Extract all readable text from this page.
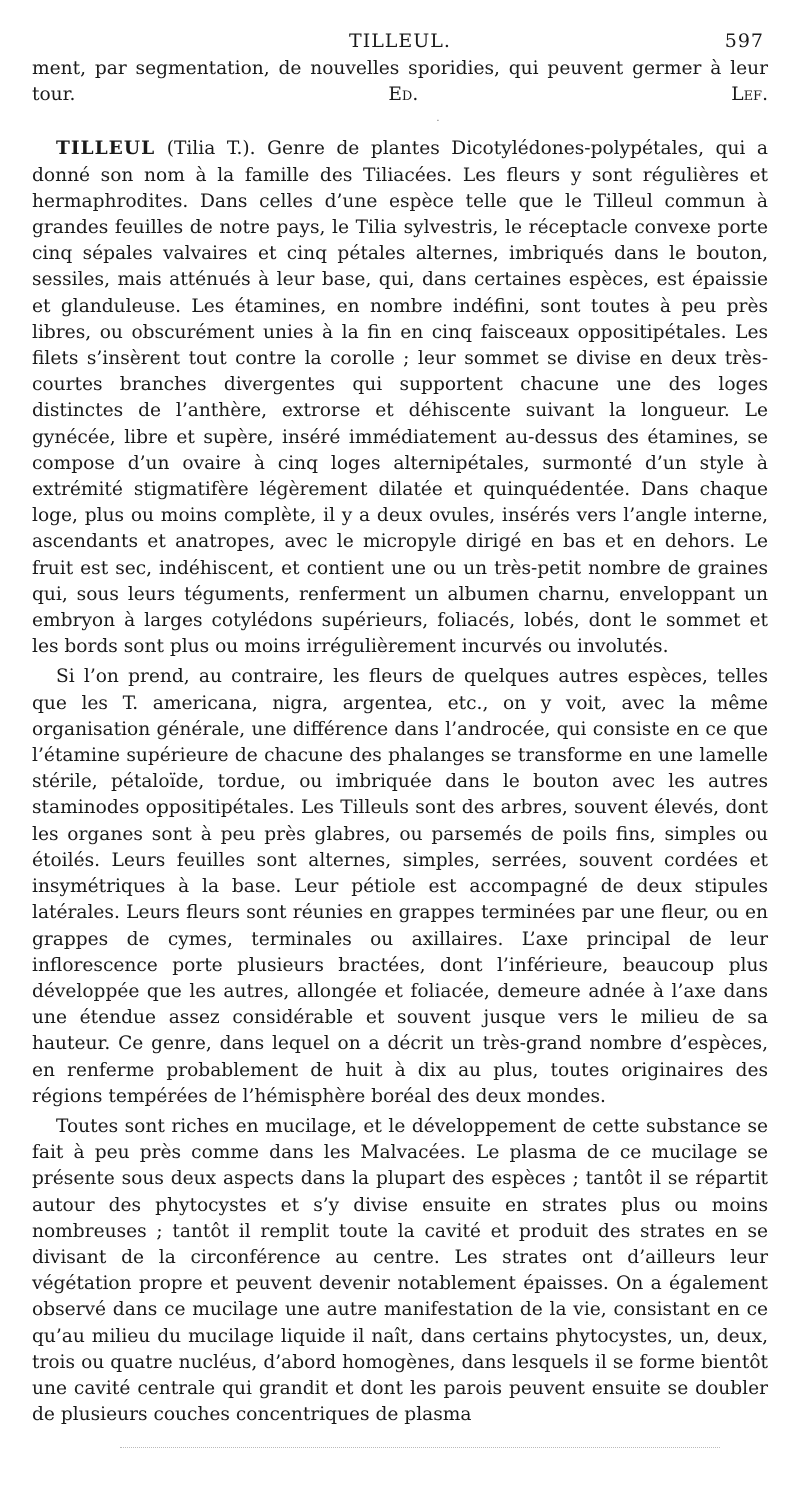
TILLEUL.	597

ment, par segmentation, de nouvelles sporidies, qui peuvent germer à leur tour.	Ed. Lef.

·

TILLEUL (Tilia T.). Genre de plantes Dicotylédones-polypétales, qui a donné son nom à la famille des Tiliacées. Les fleurs y sont régulières et hermaphrodites. Dans celles d’une espèce telle que le Tilleul commun à grandes feuilles de notre pays, le Tilia sylvestris, le réceptacle convexe porte cinq sépales valvaires et cinq pétales alternes, imbriqués dans le bouton, sessiles, mais atténués à leur base, qui, dans certaines espèces, est épaissie et glanduleuse. Les étamines, en nombre indéfini, sont toutes à peu près libres, ou obscurément unies à la fin en cinq faisceaux oppositipétales. Les filets s’insèrent tout contre la corolle ; leur sommet se divise en deux très-courtes branches divergentes qui supportent chacune une des loges distinctes de l’anthère, extrorse et déhiscente suivant la longueur. Le gynécée, libre et supère, inséré immédiatement au-dessus des étamines, se compose d’un ovaire à cinq loges alternipétales, surmonté d’un style à extrémité stigmatifère légèrement dilatée et quinquédentée. Dans chaque loge, plus ou moins complète, il y a deux ovules, insérés vers l’angle interne, ascendants et anatropes, avec le micropyle dirigé en bas et en dehors. Le fruit est sec, indéhiscent, et contient une ou un très-petit nombre de graines qui, sous leurs téguments, renferment un albumen charnu, enveloppant un embryon à larges cotylédons supérieurs, foliacés, lobés, dont le sommet et les bords sont plus ou moins irrégulièrement incurvés ou involutés.

Si l’on prend, au contraire, les fleurs de quelques autres espèces, telles que les T. americana, nigra, argentea, etc., on y voit, avec la même organisation générale, une différence dans l’androcée, qui consiste en ce que l’étamine supérieure de chacune des phalanges se transforme en une lamelle stérile, pétaloïde, tordue, ou imbriquée dans le bouton avec les autres staminodes oppositipétales. Les Tilleuls sont des arbres, souvent élevés, dont les organes sont à peu près glabres, ou parsemés de poils fins, simples ou étoilés. Leurs feuilles sont alternes, simples, serrées, souvent cordées et insymétriques à la base. Leur pétiole est accompagné de deux stipules latérales. Leurs fleurs sont réunies en grappes terminées par une fleur, ou en grappes de cymes, terminales ou axillaires. L’axe principal de leur inflorescence porte plusieurs bractées, dont l’inférieure, beaucoup plus développée que les autres, allongée et foliacée, demeure adnée à l’axe dans une étendue assez considérable et souvent jusque vers le milieu de sa hauteur. Ce genre, dans lequel on a décrit un très-grand nombre d’espèces, en renferme probablement de huit à dix au plus, toutes originaires des régions tempérées de l’hémisphère boréal des deux mondes.

Toutes sont riches en mucilage, et le développement de cette substance se fait à peu près comme dans les Malvacées. Le plasma de ce mucilage se présente sous deux aspects dans la plupart des espèces ; tantôt il se répartit autour des phytocystes et s’y divise ensuite en strates plus ou moins nombreuses ; tantôt il remplit toute la cavité et produit des strates en se divisant de la circonférence au centre. Les strates ont d’ailleurs leur végétation propre et peuvent devenir notablement épaisses. On a également observé dans ce mucilage une autre manifestation de la vie, consistant en ce qu’au milieu du mucilage liquide il naît, dans certains phytocystes, un, deux, trois ou quatre nucléus, d’abord homogènes, dans lesquels il se forme bientôt une cavité centrale qui grandit et dont les parois peuvent ensuite se doubler de plusieurs couches concentriques de plasma
